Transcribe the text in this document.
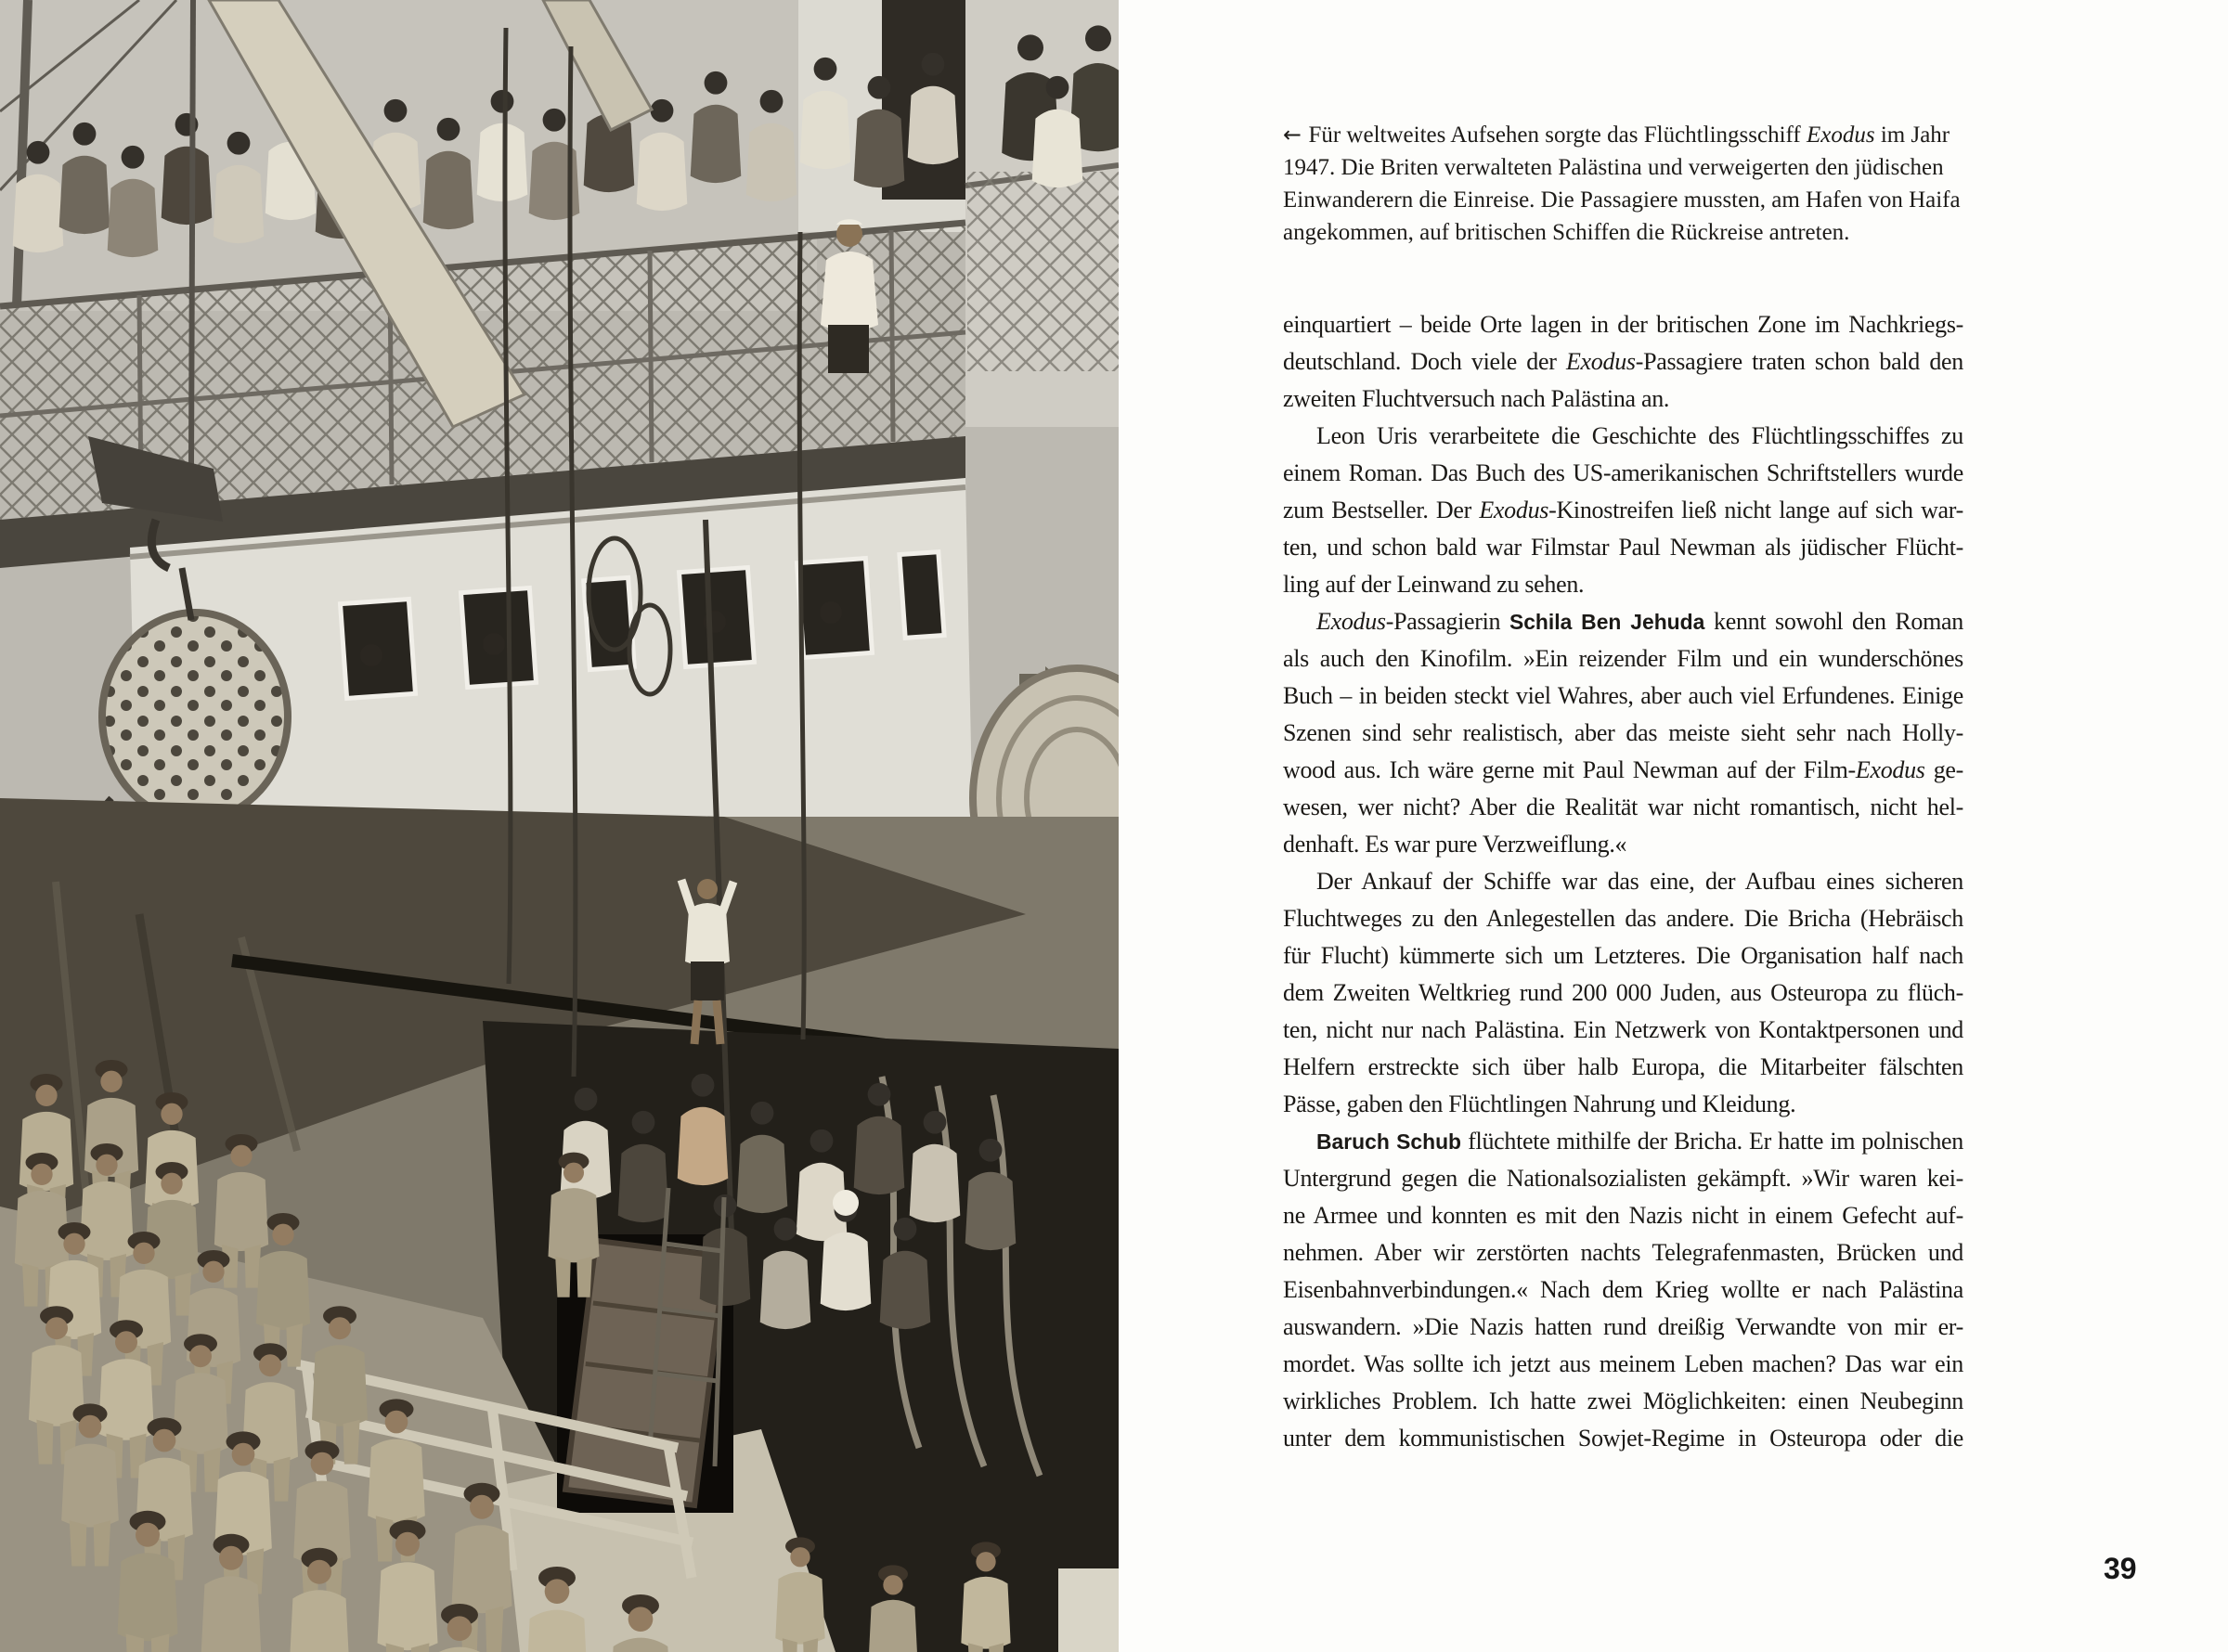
← Für weltweites Aufsehen sorgte das Flüchtlingsschiff Exodus im Jahr
1947. Die Briten verwalteten Palästina und verweigerten den jüdischen
Einwanderern die Einreise. Die Passagiere mussten, am Hafen von Haifa
angekommen, auf britischen Schiffen die Rückreise antreten.
einquartiert – beide Orte lagen in der britischen Zone im Nachkriegs-
deutschland. Doch viele der Exodus-Passagiere traten schon bald den
zweiten Fluchtversuch nach Palästina an.
Leon Uris verarbeitete die Geschichte des Flüchtlingsschiffes zu
einem Roman. Das Buch des US-amerikanischen Schriftstellers wurde
zum Bestseller. Der Exodus-Kinostreifen ließ nicht lange auf sich war-
ten, und schon bald war Filmstar Paul Newman als jüdischer Flücht-
ling auf der Leinwand zu sehen.
Exodus-Passagierin Schila Ben Jehuda kennt sowohl den Roman
als auch den Kinofilm. »Ein reizender Film und ein wunderschönes
Buch – in beiden steckt viel Wahres, aber auch viel Erfundenes. Einige
Szenen sind sehr realistisch, aber das meiste sieht sehr nach Holly-
wood aus. Ich wäre gerne mit Paul Newman auf der Film-Exodus ge-
wesen, wer nicht? Aber die Realität war nicht romantisch, nicht hel-
denhaft. Es war pure Verzweiflung.«
Der Ankauf der Schiffe war das eine, der Aufbau eines sicheren
Fluchtweges zu den Anlegestellen das andere. Die Bricha (Hebräisch
für Flucht) kümmerte sich um Letzteres. Die Organisation half nach
dem Zweiten Weltkrieg rund 200 000 Juden, aus Osteuropa zu flüch-
ten, nicht nur nach Palästina. Ein Netzwerk von Kontaktpersonen und
Helfern erstreckte sich über halb Europa, die Mitarbeiter fälschten
Pässe, gaben den Flüchtlingen Nahrung und Kleidung.
Baruch Schub flüchtete mithilfe der Bricha. Er hatte im polnischen
Untergrund gegen die Nationalsozialisten gekämpft. »Wir waren kei-
ne Armee und konnten es mit den Nazis nicht in einem Gefecht auf-
nehmen. Aber wir zerstörten nachts Telegrafenmasten, Brücken und
Eisenbahnverbindungen.« Nach dem Krieg wollte er nach Palästina
auswandern. »Die Nazis hatten rund dreißig Verwandte von mir er-
mordet. Was sollte ich jetzt aus meinem Leben machen? Das war ein
wirkliches Problem. Ich hatte zwei Möglichkeiten: einen Neubeginn
unter dem kommunistischen Sowjet-Regime in Osteuropa oder die
39
